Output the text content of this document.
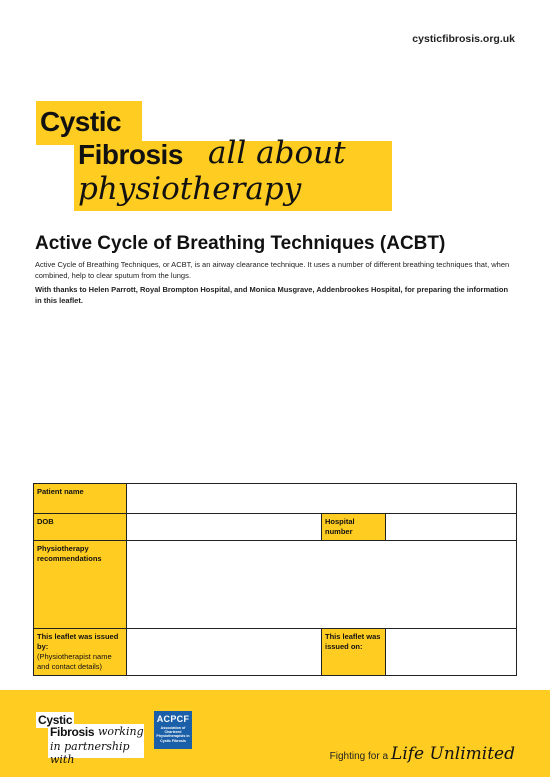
cysticfibrosis.org.uk
Cystic
Fibrosis all about
physiotherapy
Active Cycle of Breathing Techniques (ACBT)
Active Cycle of Breathing Techniques, or ACBT, is an airway clearance technique. It uses a number of different breathing techniques that, when combined, help to clear sputum from the lungs.
With thanks to Helen Parrott, Royal Brompton Hospital, and Monica Musgrave, Addenbrookes Hospital, for preparing the information in this leaflet.
Patient name			
DOB		Hospital number	
Physiotherapy recommendations			
This leaflet was issued by:
(Physiotherapist name and contact details)		This leaflet was issued on:	
Cystic
Fibrosis working
in partnership with
ACPCF
Association of Chartered Physiotherapists in Cystic Fibrosis
Fighting for a Life Unlimited
